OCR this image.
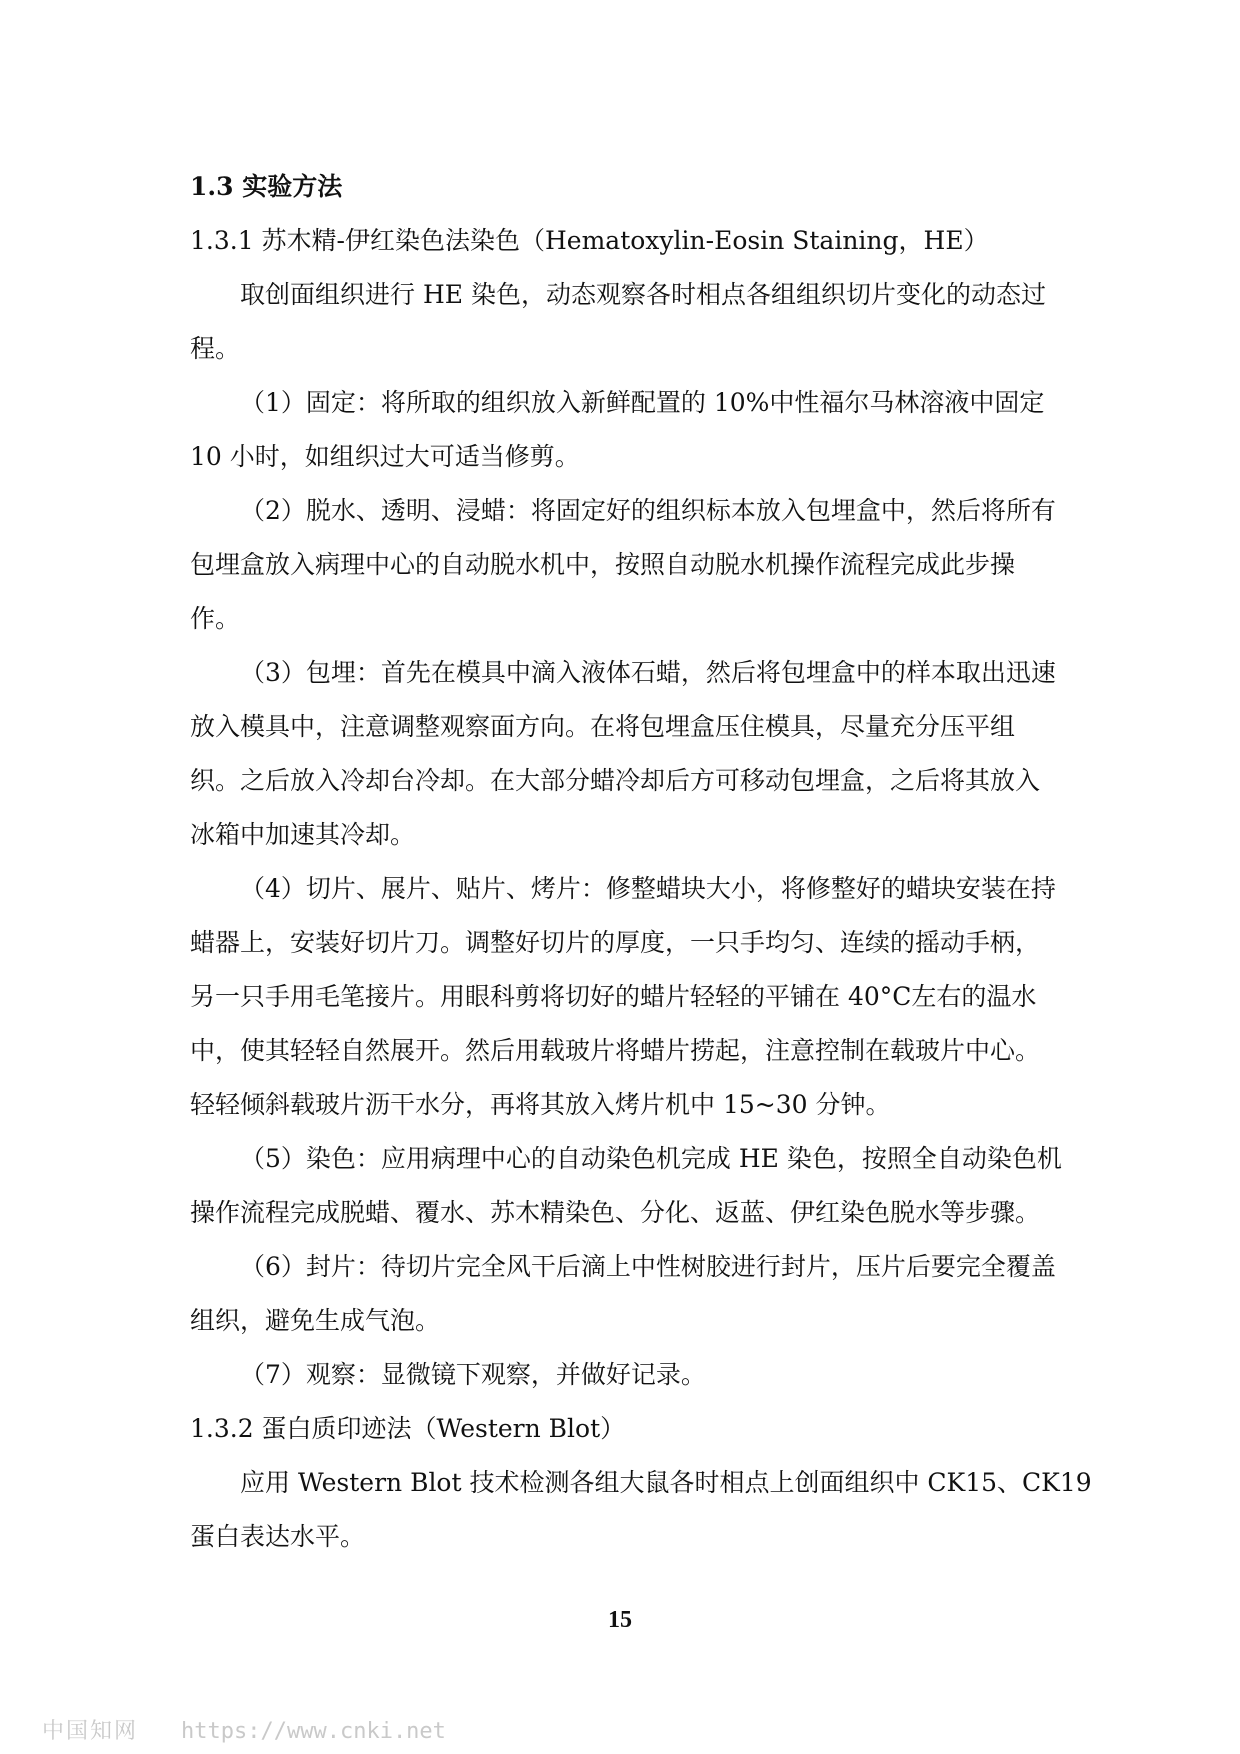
1.3 实验方法
1.3.1 苏木精-伊红染色法染色（Hematoxylin-Eosin Staining，HE）
取创面组织进行 HE 染色，动态观察各时相点各组组织切片变化的动态过
程。
（1）固定：将所取的组织放入新鲜配置的 10%中性福尔马林溶液中固定
10 小时，如组织过大可适当修剪。
（2）脱水、透明、浸蜡：将固定好的组织标本放入包埋盒中，然后将所有
包埋盒放入病理中心的自动脱水机中，按照自动脱水机操作流程完成此步操
作。
（3）包埋：首先在模具中滴入液体石蜡，然后将包埋盒中的样本取出迅速
放入模具中，注意调整观察面方向。在将包埋盒压住模具，尽量充分压平组
织。之后放入冷却台冷却。在大部分蜡冷却后方可移动包埋盒，之后将其放入
冰箱中加速其冷却。
（4）切片、展片、贴片、烤片：修整蜡块大小，将修整好的蜡块安装在持
蜡器上，安装好切片刀。调整好切片的厚度，一只手均匀、连续的摇动手柄，
另一只手用毛笔接片。用眼科剪将切好的蜡片轻轻的平铺在 40°C左右的温水
中，使其轻轻自然展开。然后用载玻片将蜡片捞起，注意控制在载玻片中心。
轻轻倾斜载玻片沥干水分，再将其放入烤片机中 15~30 分钟。
（5）染色：应用病理中心的自动染色机完成 HE 染色，按照全自动染色机
操作流程完成脱蜡、覆水、苏木精染色、分化、返蓝、伊红染色脱水等步骤。
（6）封片：待切片完全风干后滴上中性树胶进行封片，压片后要完全覆盖
组织，避免生成气泡。
（7）观察：显微镜下观察，并做好记录。
1.3.2 蛋白质印迹法（Western Blot）
应用 Western Blot 技术检测各组大鼠各时相点上创面组织中 CK15、CK19
蛋白表达水平。
15
中国知网 https://www.cnki.net
